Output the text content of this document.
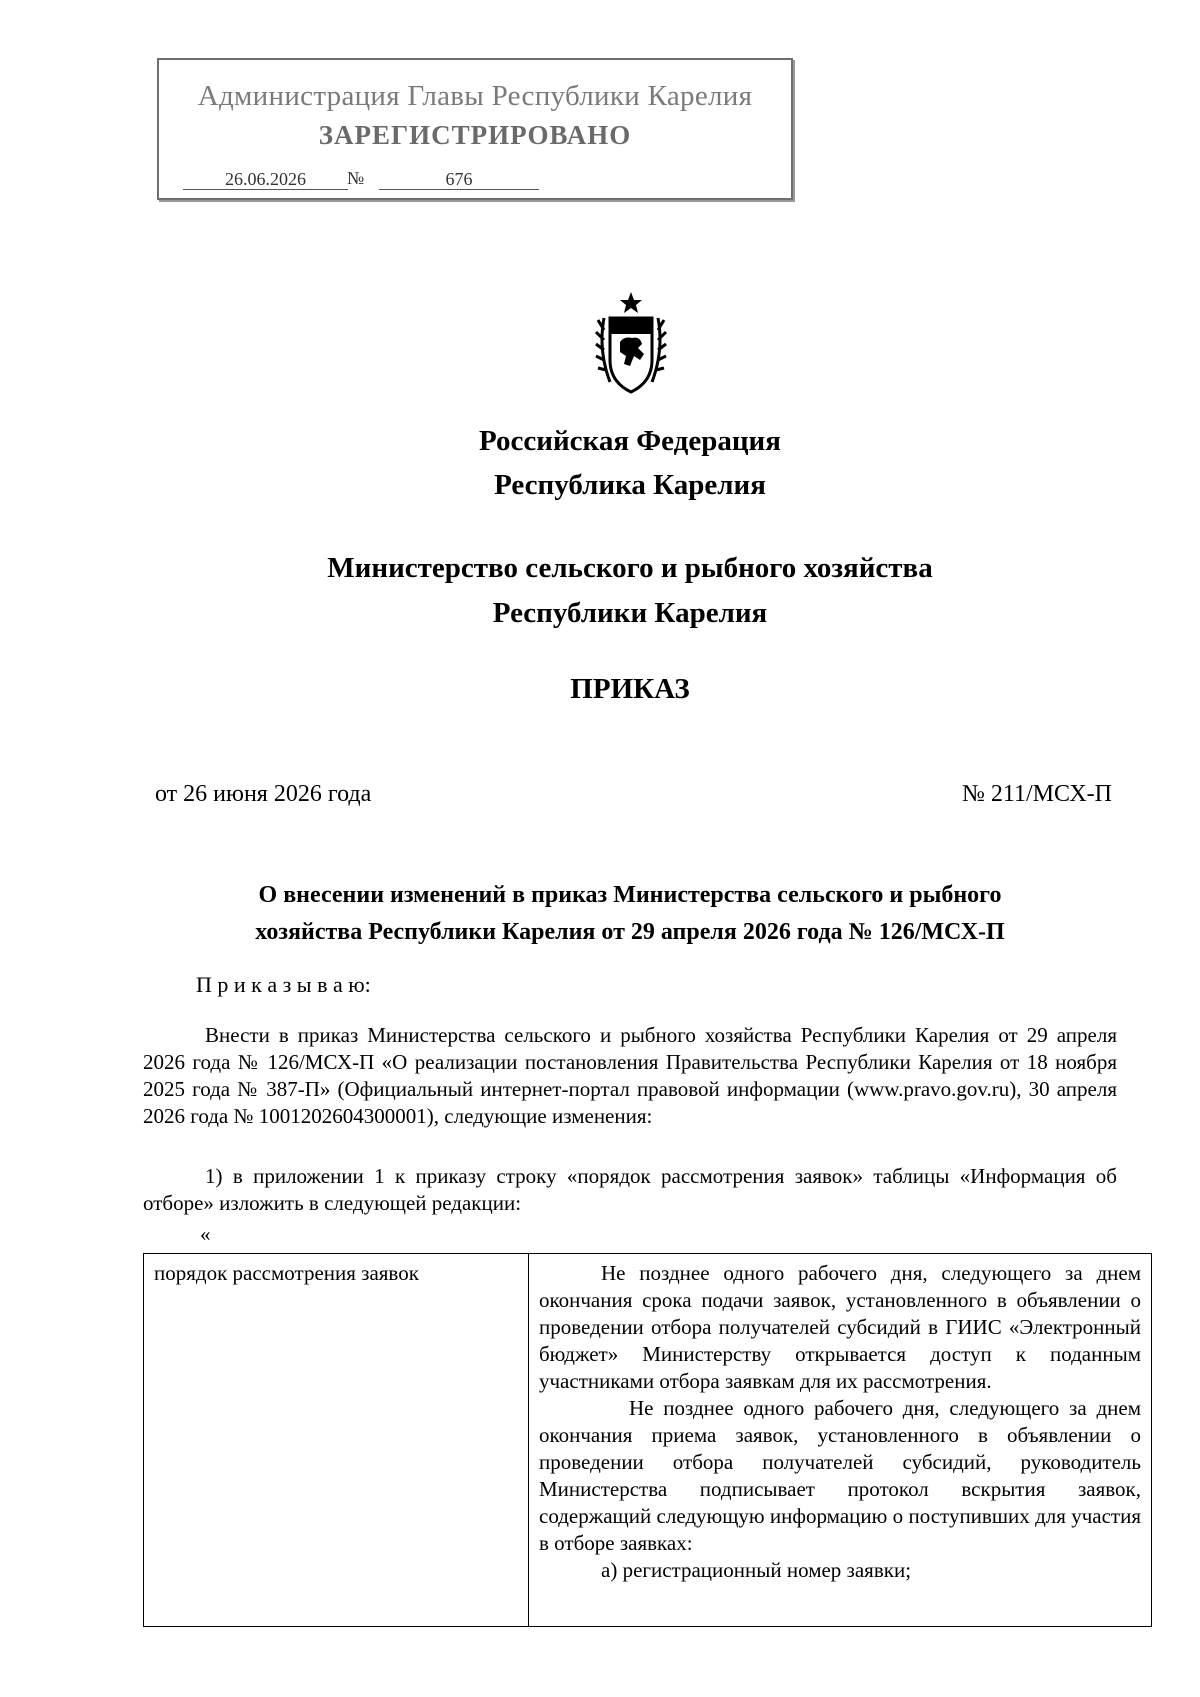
Администрация Главы Республики Карелия
ЗАРЕГИСТРИРОВАНО
26.06.2026	№	676
Российская Федерация
Республика Карелия
Министерство сельского и рыбного хозяйства
Республики Карелия
ПРИКАЗ
от 26 июня 2026 года	№ 211/МСХ-П
О внесении изменений в приказ Министерства сельского и рыбного
хозяйства Республики Карелия от 29 апреля 2026 года № 126/МСХ-П
П р и к а з ы в а ю:
Внести в приказ Министерства сельского и рыбного хозяйства Республики Карелия от 29 апреля 2026 года № 126/МСХ-П «О реализации постановления Правительства Республики Карелия от 18 ноября 2025 года № 387-П» (Официальный интернет-портал правовой информации (www.pravo.gov.ru), 30 апреля 2026 года № 1001202604300001), следующие изменения:
1) в приложении 1 к приказу строку «порядок рассмотрения заявок» таблицы «Информация об отборе» изложить в следующей редакции:
«
порядок рассмотрения заявок	Не позднее одного рабочего дня, следующего за днем окончания срока подачи заявок, установленного в объявлении о проведении отбора получателей субсидий в ГИИС «Электронный бюджет» Министерству открывается доступ к поданным участниками отбора заявкам для их рассмотрения.

Не позднее одного рабочего дня, следующего за днем окончания приема заявок, установленного в объявлении о проведении отбора получателей субсидий, руководитель Министерства подписывает протокол вскрытия заявок, содержащий следующую информацию о поступивших для участия в отборе заявках:

а) регистрационный номер заявки;
